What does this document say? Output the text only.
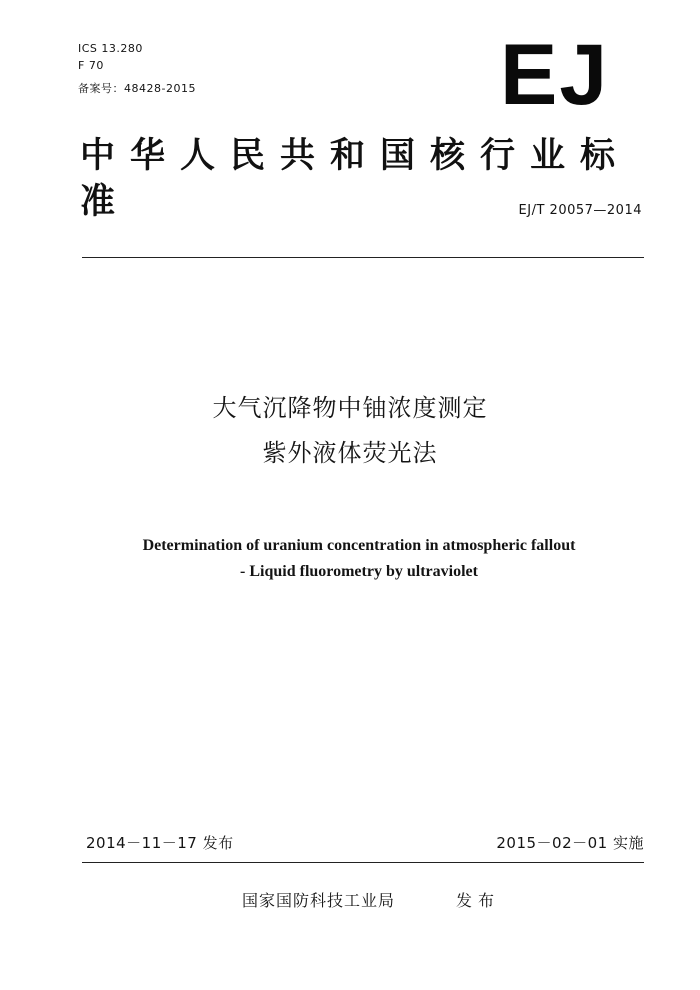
ICS 13.280
F 70
备案号：48428-2015	EJ
中华人民共和国核行业标准	EJ/T 20057—2014
大气沉降物中铀浓度测定
紫外液体荧光法
Determination of uranium concentration in atmospheric fallout
- Liquid fluorometry by ultraviolet
2014－11－17 发布	2015－02－01 实施
国家国防科技工业局	发布
